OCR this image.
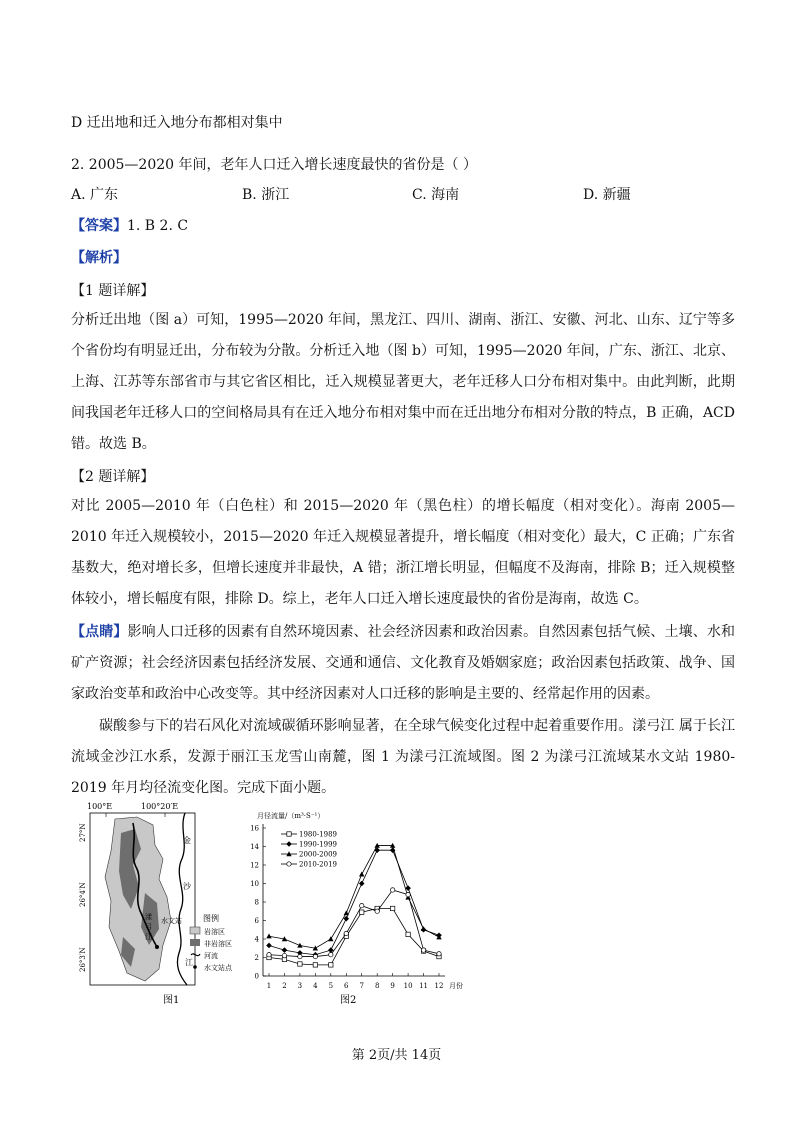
D 迁出地和迁入地分布都相对集中
2. 2005—2020 年间，老年人口迁入增长速度最快的省份是（ ）
A. 广东	B. 浙江	C. 海南	D. 新疆
【答案】1. B 2. C
【解析】
【1 题详解】
分析迁出地（图 a）可知，1995—2020 年间，黑龙江、四川、湖南、浙江、安徽、河北、山东、辽宁等多个省份均有明显迁出，分布较为分散。分析迁入地（图 b）可知，1995—2020 年间，广东、浙江、北京、上海、江苏等东部省市与其它省区相比，迁入规模显著更大，老年迁移人口分布相对集中。由此判断，此期间我国老年迁移人口的空间格局具有在迁入地分布相对集中而在迁出地分布相对分散的特点，B 正确，ACD 错。故选 B。
【2 题详解】
对比 2005—2010 年（白色柱）和 2015—2020 年（黑色柱）的增长幅度（相对变化）。海南 2005—2010 年迁入规模较小，2015—2020 年迁入规模显著提升，增长幅度（相对变化）最大，C 正确；广东省基数大，绝对增长多，但增长速度并非最快，A 错；浙江增长明显，但幅度不及海南，排除 B；迁入规模整体较小，增长幅度有限，排除 D。综上，老年人口迁入增长速度最快的省份是海南，故选 C。
【点睛】影响人口迁移的因素有自然环境因素、社会经济因素和政治因素。自然因素包括气候、土壤、水和矿产资源；社会经济因素包括经济发展、交通和通信、文化教育及婚姻家庭；政治因素包括政策、战争、国家政治变革和政治中心改变等。其中经济因素对人口迁移的影响是主要的、经常起作用的因素。
碳酸参与下的岩石风化对流域碳循环影响显著，在全球气候变化过程中起着重要作用。漾弓江 属于长江流域金沙江水系，发源于丽江玉龙雪山南麓，图 1 为漾弓江流域图。图 2 为漾弓江流域某水文站 1980-2019 年月均径流变化图。完成下面小题。
100°E	100°20′E
27°N
26°4′N
26°3′N
金
沙
江
漾
弓
江
水文站	图例
岩溶区
非岩溶区
河流
水文站点
图1
月径流量/（m³·S⁻¹）
0
2
4
6
8
10
12
14
16
1 2 3 4 5 6 7 8 9 10 11 12 月份
1980-1989
1990-1999
2000-2009
2010-2019
图2
第 2页/共 14页
